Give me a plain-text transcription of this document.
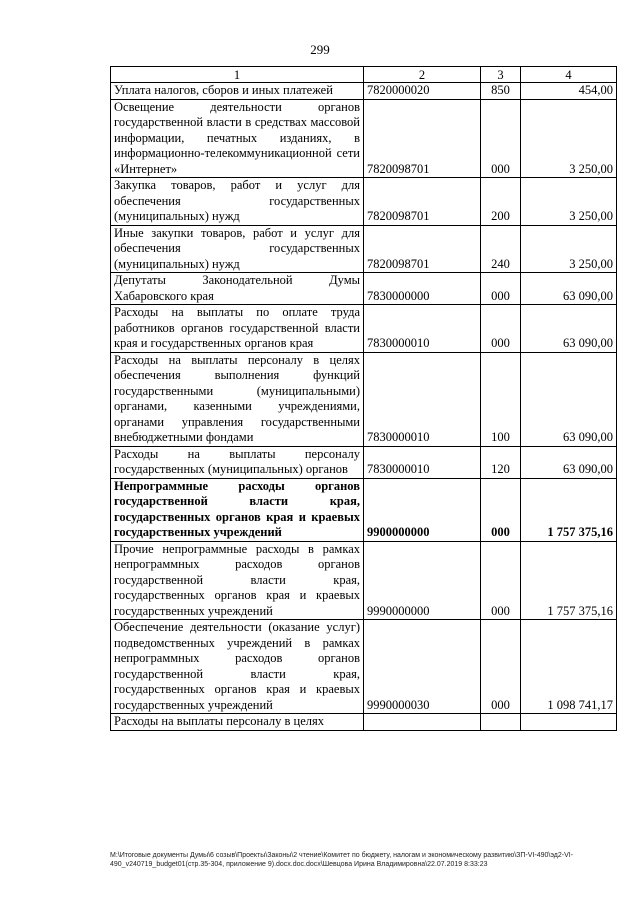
299
1	2	3	4
Уплата налогов, сборов и иных платежей	7820000020	850	454,00
Освещение деятельности органов государственной власти в средствах массовой информации, печатных изданиях, в информационно-телекоммуникационной сети «Интернет»	7820098701	000	3 250,00
Закупка товаров, работ и услуг для обеспечения государственных (муниципальных) нужд	7820098701	200	3 250,00
Иные закупки товаров, работ и услуг для обеспечения государственных (муниципальных) нужд	7820098701	240	3 250,00
Депутаты Законодательной Думы Хабаровского края	7830000000	000	63 090,00
Расходы на выплаты по оплате труда работников органов государственной власти края и государственных органов края	7830000010	000	63 090,00
Расходы на выплаты персоналу в целях обеспечения выполнения функций государственными (муниципальными) органами, казенными учреждениями, органами управления государственными внебюджетными фондами	7830000010	100	63 090,00
Расходы на выплаты персоналу государственных (муниципальных) органов	7830000010	120	63 090,00
Непрограммные расходы органов государственной власти края, государственных органов края и краевых государственных учреждений	9900000000	000	1 757 375,16
Прочие непрограммные расходы в рамках непрограммных расходов органов государственной власти края, государственных органов края и краевых государственных учреждений	9990000000	000	1 757 375,16
Обеспечение деятельности (оказание услуг) подведомственных учреждений в рамках непрограммных расходов органов государственной власти края, государственных органов края и краевых государственных учреждений	9990000030	000	1 098 741,17
Расходы на выплаты персоналу в целях			
M:\Итоговые документы Думы\6 созыв\Проекты\Законы\2 чтение\Комитет по бюджету, налогам и экономическому развитию\ЗП-VI-490\эд2-VI-490_v240719_budget01(стр.35-304, приложение 9).docx.doc.docx\Шевцова Ирина Владимировна\22.07.2019 8:33:23
